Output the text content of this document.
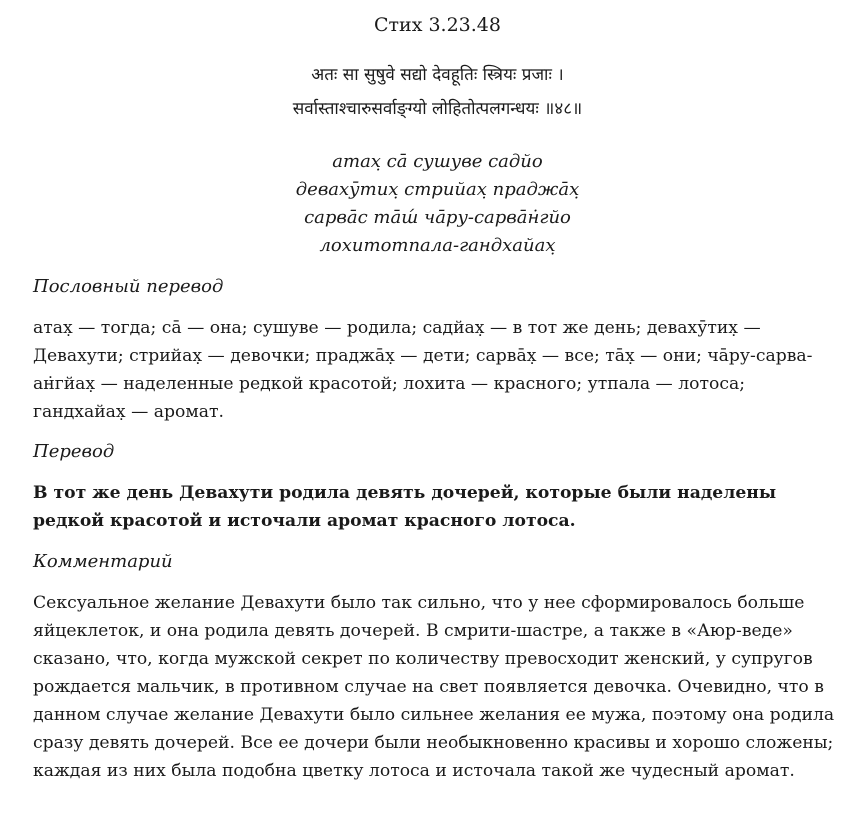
Стих 3.23.48
अतः सा सुषुवे सद्यो देवहूतिः स्त्रियः प्रजाः ।
सर्वास्ताश्चारुसर्वाङ्‌ग्यो लोहितोत्पलगन्धयः ॥४८॥
атах̣ са̄ сушуве садйо
девахӯтих̣ стрийах̣ праджа̄х̣
сарва̄с та̄ш́ ча̄ру-сарва̄н̇гйо
лохитотпала-гандхайах̣
Пословный перевод

атах̣ — тогда; са̄ — она; сушуве — родила; садйах̣ — в тот же день; девахӯтих̣ — Девахути; стрийах̣ — девочки; праджа̄х̣ — дети; сарва̄х̣ — все; та̄х̣ — они; ча̄ру-сарва-ан̇гйах̣ — наделенные редкой красотой; лохита — красного; утпала — лотоса; гандхайах̣ — аромат.

Перевод

В тот же день Девахути родила девять дочерей, которые были наделены редкой красотой и источали аромат красного лотоса.

Комментарий

Сексуальное желание Девахути было так сильно, что у нее сформировалось больше яйцеклеток, и она родила девять дочерей. В смрити-шастре, а также в «Аюр-веде» сказано, что, когда мужской секрет по количеству превосходит женский, у супругов рождается мальчик, в противном случае на свет появляется девочка. Очевидно, что в данном случае желание Девахути было сильнее желания ее мужа, поэтому она родила сразу девять дочерей. Все ее дочери были необыкновенно красивы и хорошо сложены; каждая из них была подобна цветку лотоса и источала такой же чудесный аромат.
